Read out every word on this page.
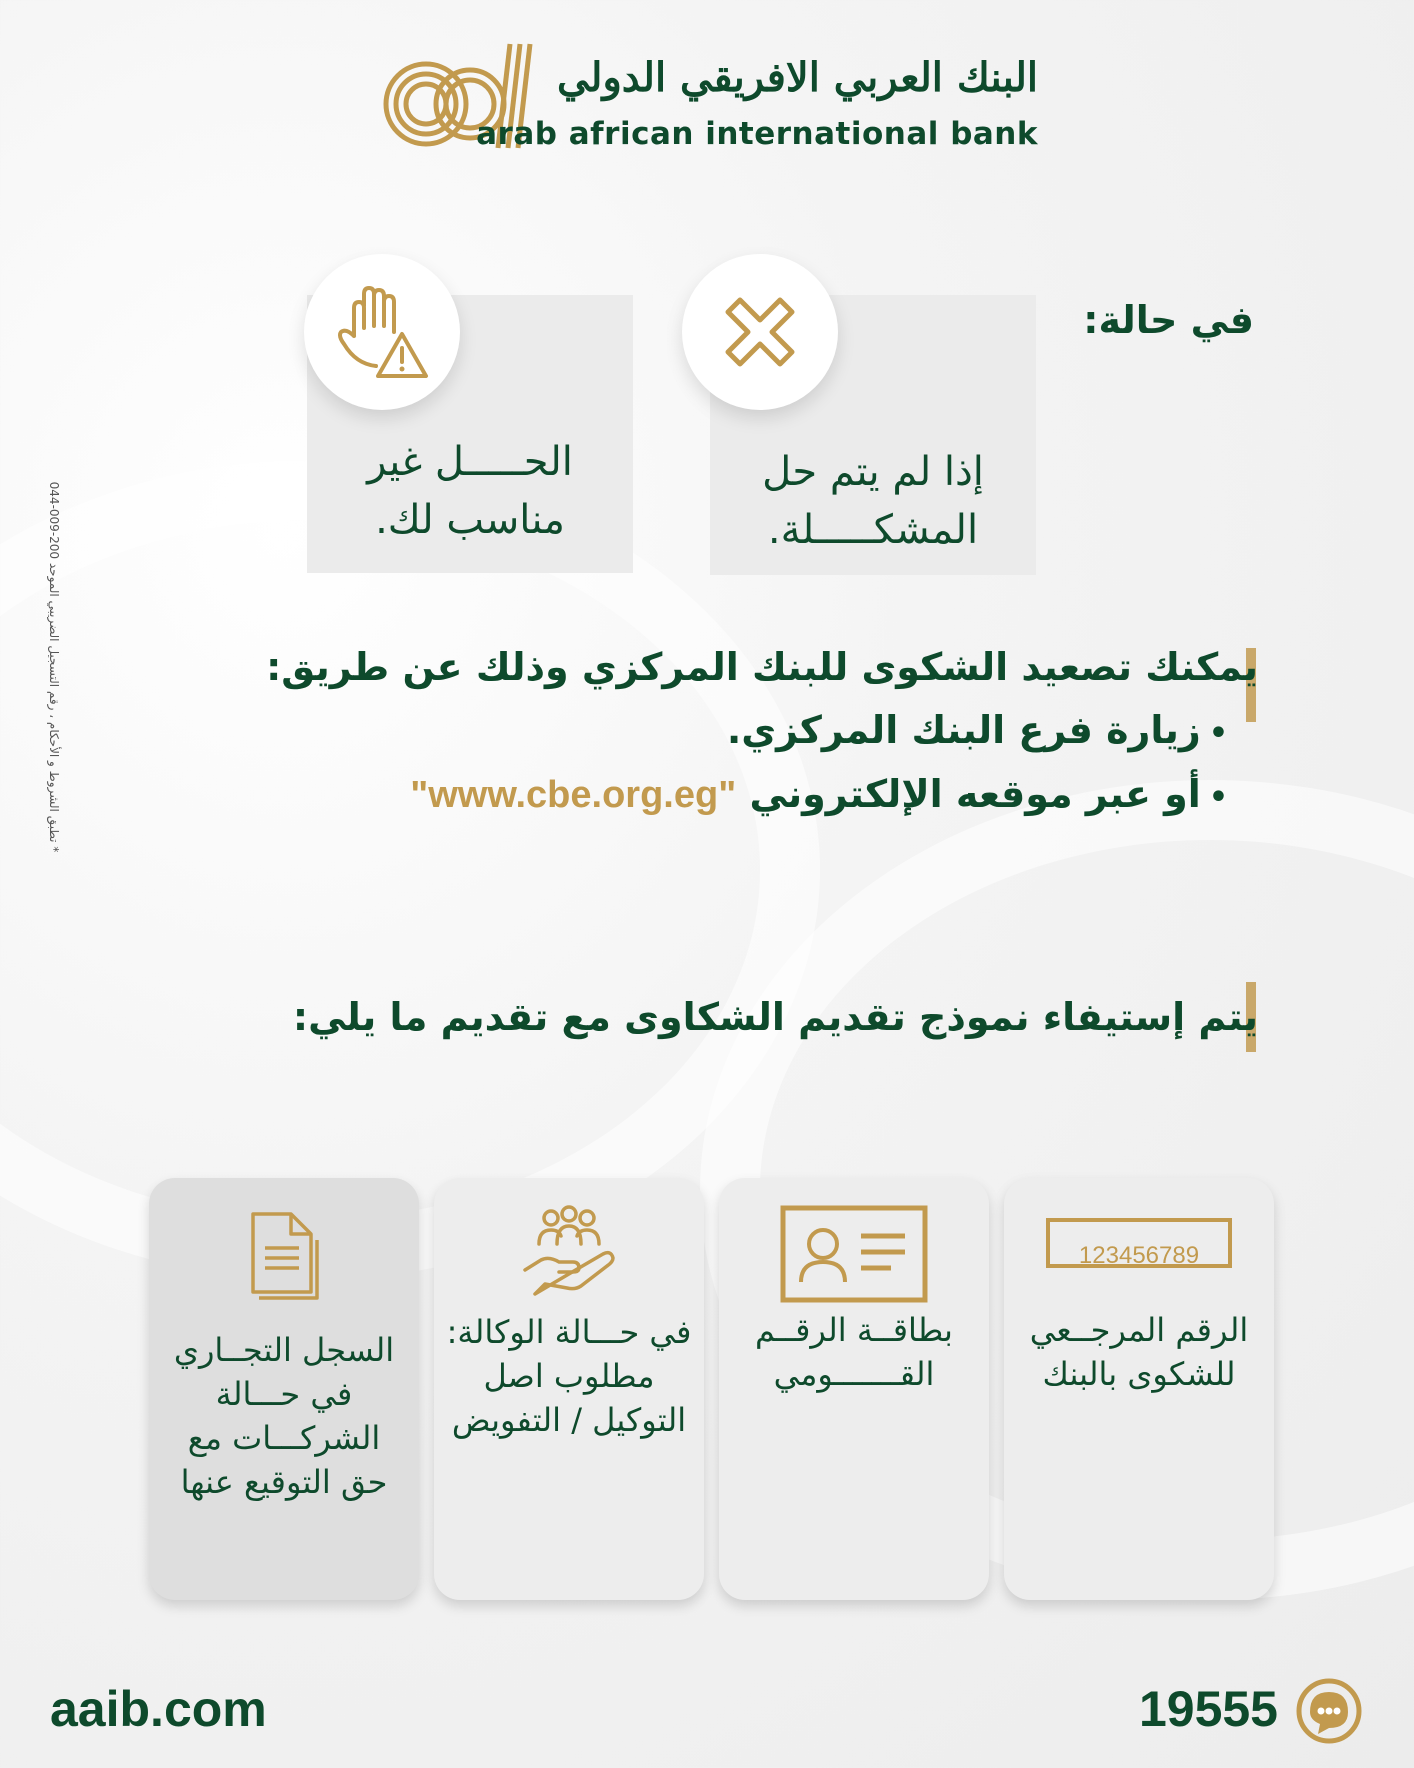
البنك العربي الافريقي الدولي
arab african international bank
* تطبق الشروط و الأحكام ، رقم التسجيل الضريبي الموحد 200-009-044
في حالة:
إذا لم يتم حل
المشكـــــلة.
الحـــــل غير
مناسب لك.
يمكنك تصعيد الشكوى للبنك المركزي وذلك عن طريق:
•زيارة فرع البنك المركزي.
•أو عبر موقعه الإلكتروني "www.cbe.org.eg"
يتم إستيفاء نموذج تقديم الشكاوى مع تقديم ما يلي:
123456789
الرقم المرجــعي
للشكوى بالبنك
بطاقــة الرقــم
القـــــــومي
في حـــالة الوكالة:
مطلوب اصل
التوكيل / التفويض
السجل التجــاري
في حـــالة
الشركـــات مع
حق التوقيع عنها
aaib.com	19555
